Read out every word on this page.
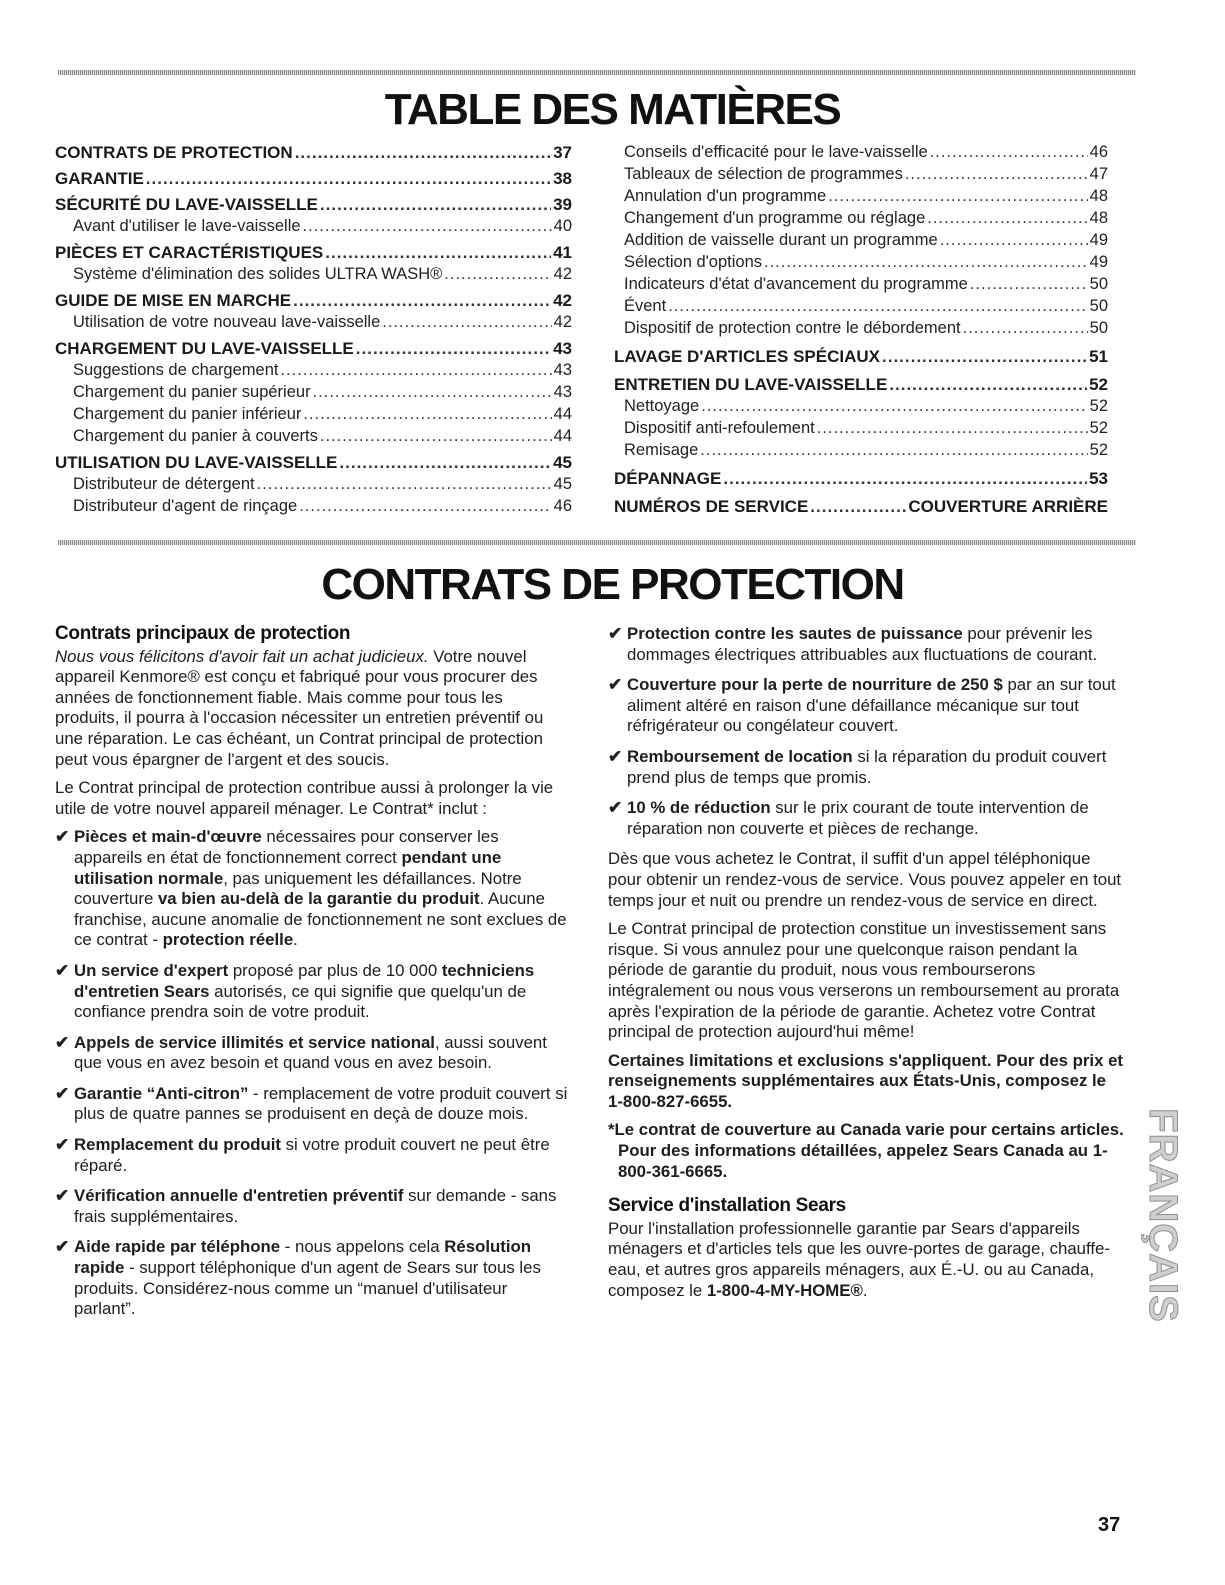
TABLE DES MATIÈRES
CONTRATS DE PROTECTION .....	37
GARANTIE .....	38
SÉCURITÉ DU LAVE-VAISSELLE .....	39
Avant d'utiliser le lave-vaisselle .....	40
PIÈCES ET CARACTÉRISTIQUES .....	41
Système d'élimination des solides ULTRA WASH® .....	42
GUIDE DE MISE EN MARCHE .....	42
Utilisation de votre nouveau lave-vaisselle .....	42
CHARGEMENT DU LAVE-VAISSELLE .....	43
Suggestions de chargement .....	43
Chargement du panier supérieur .....	43
Chargement du panier inférieur .....	44
Chargement du panier à couverts .....	44
UTILISATION DU LAVE-VAISSELLE .....	45
Distributeur de détergent .....	45
Distributeur d'agent de rinçage .....	46
Conseils d'efficacité pour le lave-vaisselle .....	46
Tableaux de sélection de programmes .....	47
Annulation d'un programme .....	48
Changement d'un programme ou réglage .....	48
Addition de vaisselle durant un programme .....	49
Sélection d'options .....	49
Indicateurs d'état d'avancement du programme .....	50
Évent .....	50
Dispositif de protection contre le débordement .....	50
LAVAGE D'ARTICLES SPÉCIAUX .....	51
ENTRETIEN DU LAVE-VAISSELLE .....	52
Nettoyage .....	52
Dispositif anti-refoulement .....	52
Remisage .....	52
DÉPANNAGE .....	53
NUMÉROS DE SERVICE .....	COUVERTURE ARRIÈRE
CONTRATS DE PROTECTION
Contrats principaux de protection

Nous vous félicitons d'avoir fait un achat judicieux. Votre nouvel appareil Kenmore® est conçu et fabriqué pour vous procurer des années de fonctionnement fiable. Mais comme pour tous les produits, il pourra à l'occasion nécessiter un entretien préventif ou une réparation. Le cas échéant, un Contrat principal de protection peut vous épargner de l'argent et des soucis.

Le Contrat principal de protection contribue aussi à prolonger la vie utile de votre nouvel appareil ménager. Le Contrat* inclut :

✔ Pièces et main-d'œuvre nécessaires pour conserver les appareils en état de fonctionnement correct pendant une utilisation normale, pas uniquement les défaillances. Notre couverture va bien au-delà de la garantie du produit. Aucune franchise, aucune anomalie de fonctionnement ne sont exclues de ce contrat - protection réelle.
✔ Un service d'expert proposé par plus de 10 000 techniciens d'entretien Sears autorisés, ce qui signifie que quelqu'un de confiance prendra soin de votre produit.
✔ Appels de service illimités et service national, aussi souvent que vous en avez besoin et quand vous en avez besoin.
✔ Garantie “Anti-citron” - remplacement de votre produit couvert si plus de quatre pannes se produisent en deçà de douze mois.
✔ Remplacement du produit si votre produit couvert ne peut être réparé.
✔ Vérification annuelle d'entretien préventif sur demande - sans frais supplémentaires.
✔ Aide rapide par téléphone - nous appelons cela Résolution rapide - support téléphonique d'un agent de Sears sur tous les produits. Considérez-nous comme un “manuel d'utilisateur parlant”.
✔ Protection contre les sautes de puissance pour prévenir les dommages électriques attribuables aux fluctuations de courant.
✔ Couverture pour la perte de nourriture de 250 $ par an sur tout aliment altéré en raison d'une défaillance mécanique sur tout réfrigérateur ou congélateur couvert.
✔ Remboursement de location si la réparation du produit couvert prend plus de temps que promis.
✔ 10 % de réduction sur le prix courant de toute intervention de réparation non couverte et pièces de rechange.

Dès que vous achetez le Contrat, il suffit d'un appel téléphonique pour obtenir un rendez-vous de service. Vous pouvez appeler en tout temps jour et nuit ou prendre un rendez-vous de service en direct.

Le Contrat principal de protection constitue un investissement sans risque. Si vous annulez pour une quelconque raison pendant la période de garantie du produit, nous vous rembourserons intégralement ou nous vous verserons un remboursement au prorata après l'expiration de la période de garantie. Achetez votre Contrat principal de protection aujourd'hui même!

Certaines limitations et exclusions s'appliquent. Pour des prix et renseignements supplémentaires aux États-Unis, composez le 1-800-827-6655.

*Le contrat de couverture au Canada varie pour certains articles. Pour des informations détaillées, appelez Sears Canada au 1-800-361-6665.

Service d'installation Sears

Pour l'installation professionnelle garantie par Sears d'appareils ménagers et d'articles tels que les ouvre-portes de garage, chauffe-eau, et autres gros appareils ménagers, aux É.-U. ou au Canada, composez le 1-800-4-MY-HOME®.	FRANÇAIS
37
